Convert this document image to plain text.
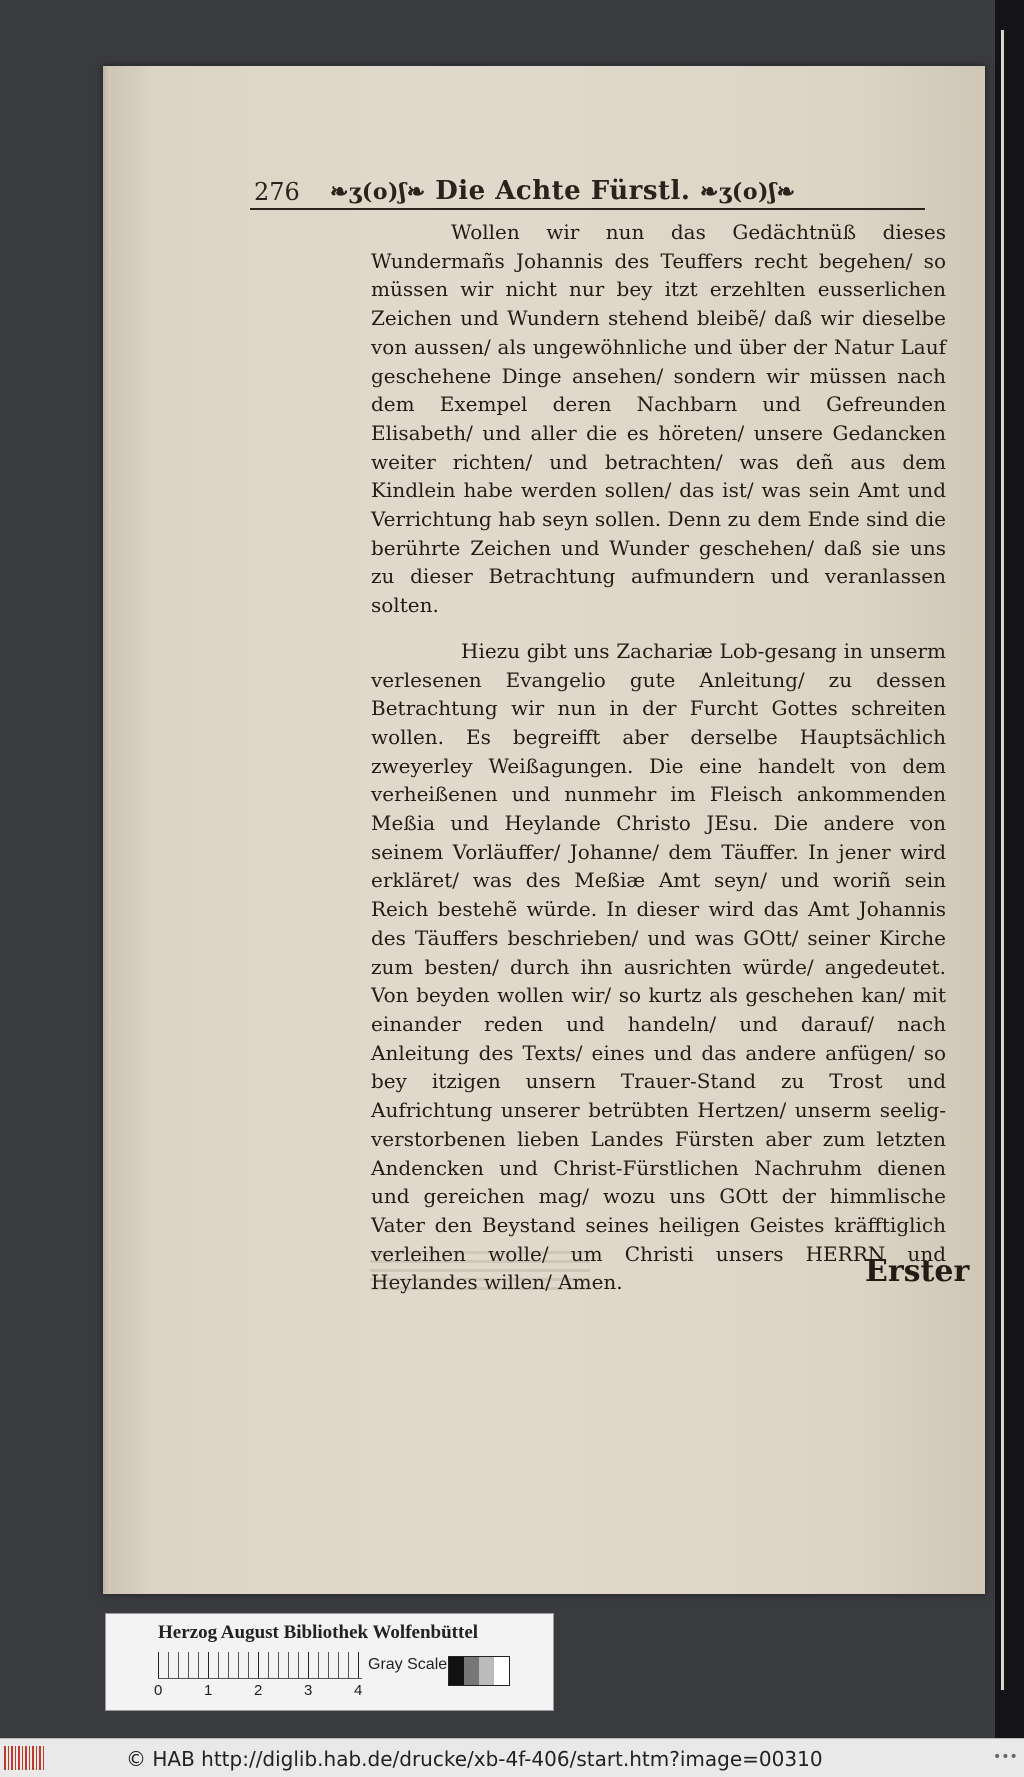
276 ❧ʒ(o)ʃ❧ Die Achte Fürstl. ❧ʒ(o)ʃ❧

Wollen wir nun das Gedächtnüß dieses Wundermañs Johannis des Teuffers recht begehen/ so müssen wir nicht nur bey itzt erzehlten eusserlichen Zeichen und Wundern stehend bleibẽ/ daß wir dieselbe von aussen/ als ungewöhnliche und über der Natur Lauf geschehene Dinge ansehen/ sondern wir müssen nach dem Exempel deren Nachbarn und Gefreunden Elisabeth/ und aller die es höreten/ unsere Gedancken weiter richten/ und betrachten/ was deñ aus dem Kindlein habe werden sollen/ das ist/ was sein Amt und Verrichtung hab seyn sollen. Denn zu dem Ende sind die berührte Zeichen und Wunder geschehen/ daß sie uns zu dieser Betrachtung aufmundern und veranlassen solten.

Hiezu gibt uns Zachariæ Lob-gesang in unserm verlesenen Evangelio gute Anleitung/ zu dessen Betrachtung wir nun in der Furcht Gottes schreiten wollen. Es begreifft aber derselbe Hauptsächlich zweyerley Weißagungen. Die eine handelt von dem verheißenen und nunmehr im Fleisch ankommenden Meßia und Heylande Christo JEsu. Die andere von seinem Vorläuffer/ Johanne/ dem Täuffer. In jener wird erkläret/ was des Meßiæ Amt seyn/ und woriñ sein Reich bestehẽ würde. In dieser wird das Amt Johannis des Täuffers beschrieben/ und was GOtt/ seiner Kirche zum besten/ durch ihn ausrichten würde/ angedeutet. Von beyden wollen wir/ so kurtz als geschehen kan/ mit einander reden und handeln/ und darauf/ nach Anleitung des Texts/ eines und das andere anfügen/ so bey itzigen unsern Trauer-Stand zu Trost und Aufrichtung unserer betrübten Hertzen/ unserm seelig-verstorbenen lieben Landes Fürsten aber zum letzten Andencken und Christ-Fürstlichen Nachruhm dienen und gereichen mag/ wozu uns GOtt der himmlische Vater den Beystand seines heiligen Geistes kräfftiglich verleihen wolle/ um Christi unsers HERRN und Heylandes willen/ Amen.	Erster
Herzog August Bibliothek Wolfenbüttel
0	1	2	3	4
Gray Scale
© HAB http://diglib.hab.de/drucke/xb-4f-406/start.htm?image=00310	•••
